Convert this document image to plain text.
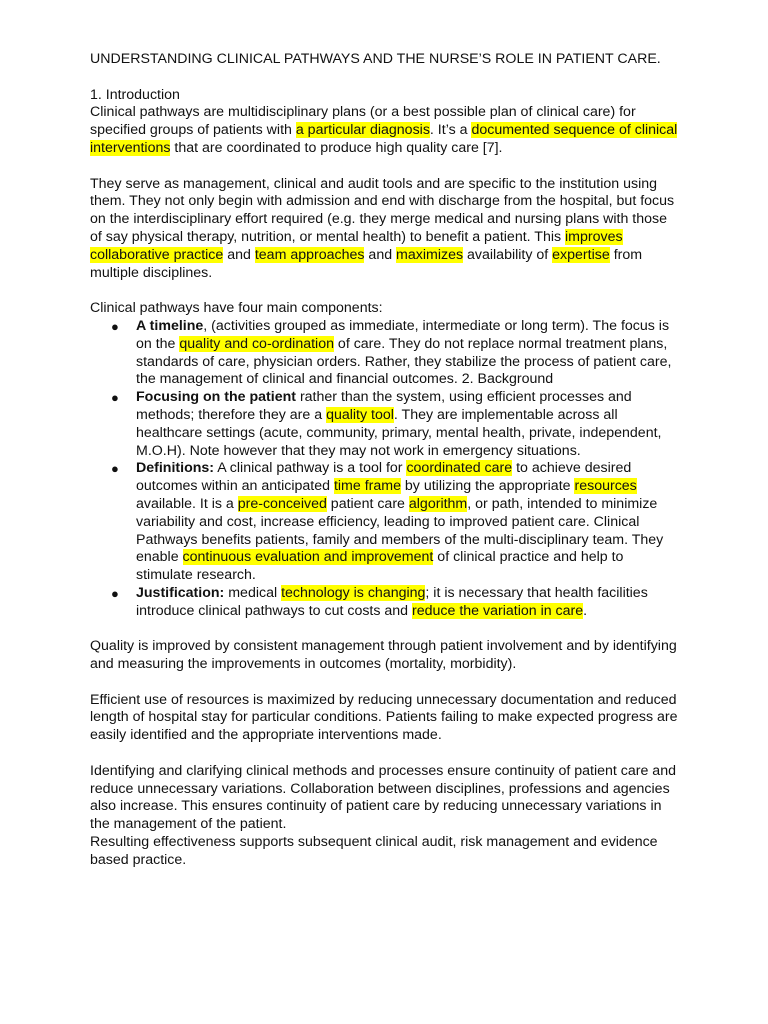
UNDERSTANDING CLINICAL PATHWAYS AND THE NURSE’S ROLE IN PATIENT CARE.

1. Introduction

Clinical pathways are multidisciplinary plans (or a best possible plan of clinical care) for specified groups of patients with a particular diagnosis. It’s a documented sequence of clinical interventions that are coordinated to produce high quality care [7].

They serve as management, clinical and audit tools and are specific to the institution using them. They not only begin with admission and end with discharge from the hospital, but focus on the interdisciplinary effort required (e.g. they merge medical and nursing plans with those of say physical therapy, nutrition, or mental health) to benefit a patient. This improves collaborative practice and team approaches and maximizes availability of expertise from multiple disciplines.

Clinical pathways have four main components:

● A timeline, (activities grouped as immediate, intermediate or long term). The focus is on the quality and co-ordination of care. They do not replace normal treatment plans, standards of care, physician orders. Rather, they stabilize the process of patient care, the management of clinical and financial outcomes. 2. Background
● Focusing on the patient rather than the system, using efficient processes and methods; therefore they are a quality tool. They are implementable across all healthcare settings (acute, community, primary, mental health, private, independent, M.O.H). Note however that they may not work in emergency situations.
● Definitions: A clinical pathway is a tool for coordinated care to achieve desired outcomes within an anticipated time frame by utilizing the appropriate resources available. It is a pre-conceived patient care algorithm, or path, intended to minimize variability and cost, increase efficiency, leading to improved patient care. Clinical Pathways benefits patients, family and members of the multi-disciplinary team. They enable continuous evaluation and improvement of clinical practice and help to stimulate research.
● Justification: medical technology is changing; it is necessary that health facilities introduce clinical pathways to cut costs and reduce the variation in care.

Quality is improved by consistent management through patient involvement and by identifying and measuring the improvements in outcomes (mortality, morbidity).

Efficient use of resources is maximized by reducing unnecessary documentation and reduced length of hospital stay for particular conditions. Patients failing to make expected progress are easily identified and the appropriate interventions made.

Identifying and clarifying clinical methods and processes ensure continuity of patient care and reduce unnecessary variations. Collaboration between disciplines, professions and agencies also increase. This ensures continuity of patient care by reducing unnecessary variations in the management of the patient.

Resulting effectiveness supports subsequent clinical audit, risk management and evidence based practice.
